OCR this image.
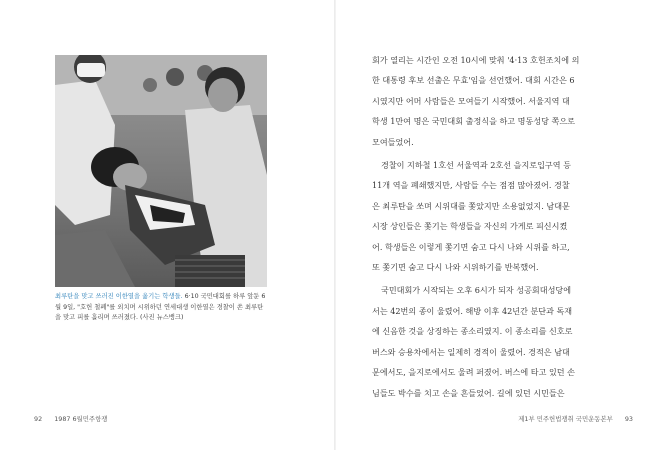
최루탄을 맞고 쓰러진 이한열을 옮기는 학생들. 6·10 국민대회를 하루 앞둔 6월 9일, "호헌 철폐"를 외치며 시위하던 연세대생 이한열은 경찰이 쏜 최루탄을 맞고 피를 흘리며 쓰러졌다. (사진 뉴스뱅크)
92 1987 6월민주항쟁

회가 열리는 시간인 오전 10시에 맞춰 '4·13 호헌조치에 의
한 대통령 후보 선출은 무효'임을 선언했어. 대회 시간은 6
시였지만 어머 사람들은 모여들기 시작했어. 서울지역 대
학생 1만여 명은 국민대회 출정식을 하고 명동성당 쪽으로
모여들었어.

경찰이 지하철 1호선 서울역과 2호선 을지로입구역 등
11개 역을 폐쇄했지만, 사람들 수는 점점 많아졌어. 경찰
은 최루탄을 쏘며 시위대를 쫓았지만 소용없었지. 남대문
시장 상인들은 쫓기는 학생들을 자신의 가게로 피신시켰
어. 학생들은 이렇게 쫓기면 숨고 다시 나와 시위를 하고,
또 쫓기면 숨고 다시 나와 시위하기를 반복했어.

국민대회가 시작되는 오후 6시가 되자 성공회대성당에
서는 42번의 종이 울렸어. 해방 이후 42년간 분단과 독재
에 신음한 것을 상징하는 종소리였지. 이 종소리를 신호로
버스와 승용차에서는 일제히 경적이 울렸어. 경적은 남대
문에서도, 을지로에서도 울려 퍼졌어. 버스에 타고 있던 손
님들도 박수를 치고 손을 흔들었어. 길에 있던 시민들은

제1부 민주헌법쟁취 국민운동본부 93
